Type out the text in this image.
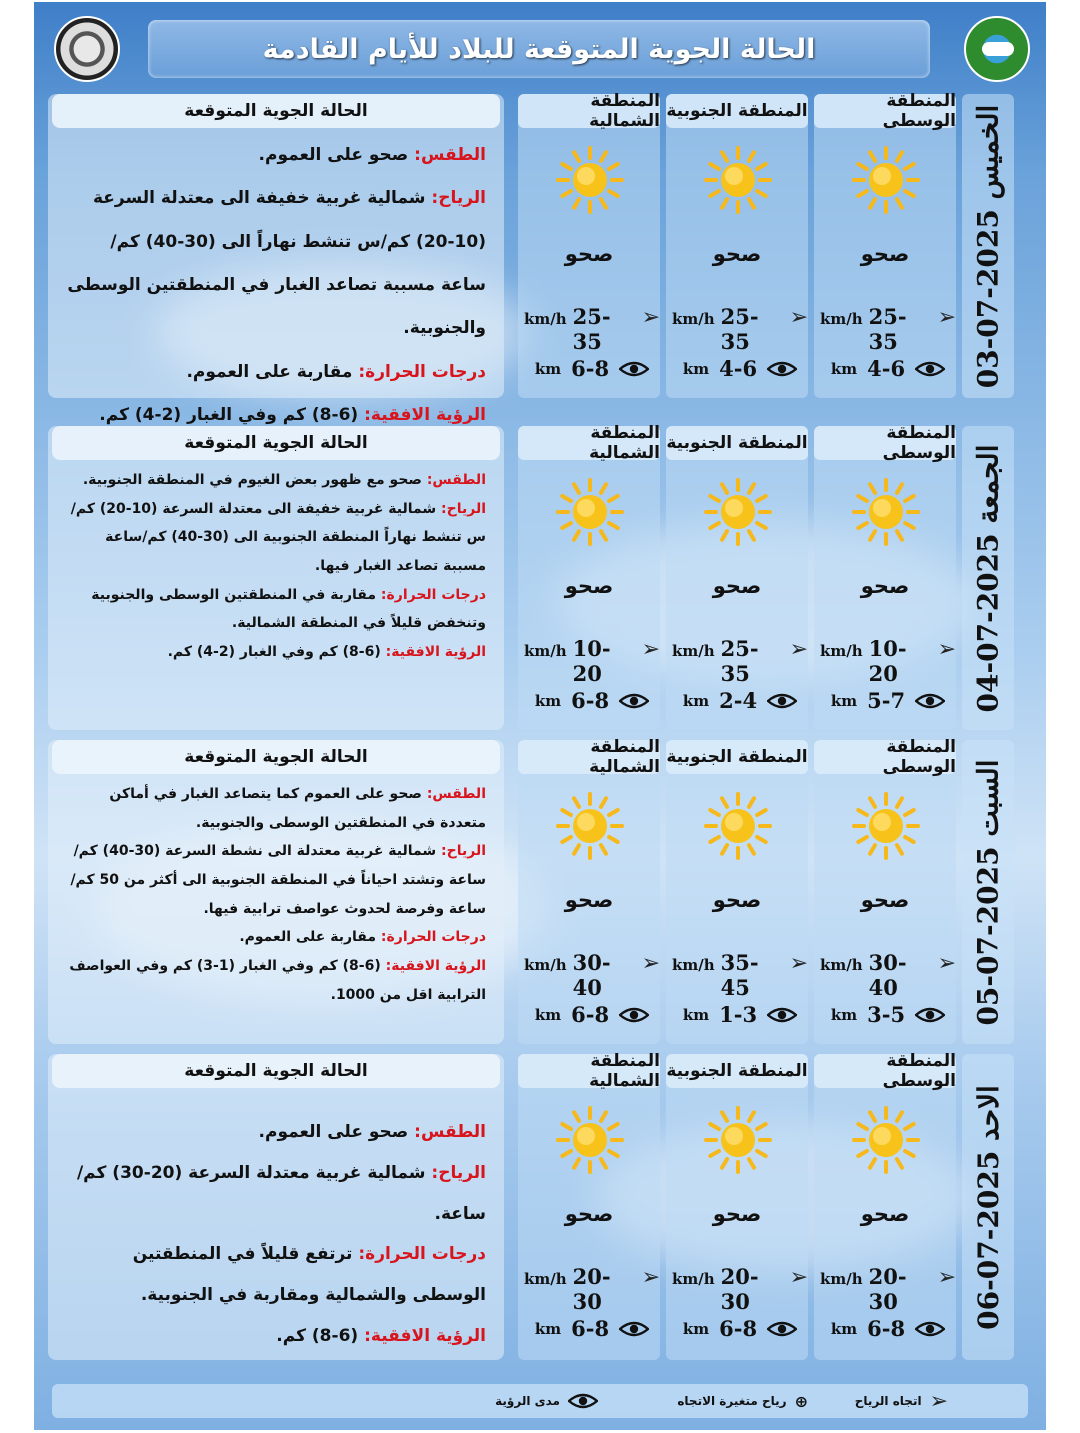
الحالة الجوية المتوقعة للبلاد للأيام القادمة
الخميس 2025-07-03
المنطقة الوسطى
صحو
km/h 25-35
➢
km 4-6
المنطقة الجنوبية
صحو
km/h 25-35
➢
km 4-6
المنطقة الشمالية
صحو
km/h 25-35
➢
km 6-8
الحالة الجوية المتوقعة

الطقس: صحو على العموم.

الرياح: شمالية غربية خفيفة الى معتدلة السرعة (10-20) كم/س تنشط نهاراً الى (30-40) كم/ساعة مسببة تصاعد الغبار في المنطقتين الوسطى والجنوبية.

درجات الحرارة: مقاربة على العموم.

الرؤية الافقية: (6-8) كم وفي الغبار (2-4) كم.

الجمعة 2025-07-04
المنطقة الوسطى
صحو
km/h 10-20
➢
km 5-7
المنطقة الجنوبية
صحو
km/h 25-35
➢
km 2-4
المنطقة الشمالية
صحو
km/h 10-20
➢
km 6-8
الحالة الجوية المتوقعة

الطقس: صحو مع ظهور بعض الغيوم في المنطقة الجنوبية.

الرياح: شمالية غربية خفيفة الى معتدلة السرعة (10-20) كم/س تنشط نهاراً المنطقة الجنوبية الى (30-40) كم/ساعة مسببة تصاعد الغبار فيها.

درجات الحرارة: مقاربة في المنطقتين الوسطى والجنوبية وتنخفض قليلاً في المنطقة الشمالية.

الرؤية الافقية: (6-8) كم وفي الغبار (2-4) كم.

السبت 2025-07-05
المنطقة الوسطى
صحو
km/h 30-40
➢
km 3-5
المنطقة الجنوبية
صحو
km/h 35-45
➢
km 1-3
المنطقة الشمالية
صحو
km/h 30-40
➢
km 6-8
الحالة الجوية المتوقعة

الطقس: صحو على العموم كما يتصاعد الغبار في أماكن متعددة في المنطقتين الوسطى والجنوبية.

الرياح: شمالية غربية معتدلة الى نشطة السرعة (30-40) كم/ساعة وتشتد احياناً في المنطقة الجنوبية الى أكثر من 50 كم/ساعة وفرصة لحدوث عواصف ترابية فيها.

درجات الحرارة: مقاربة على العموم.

الرؤية الافقية: (6-8) كم وفي الغبار (1-3) كم وفي العواصف الترابية اقل من 1000.

الاحد 2025-07-06
المنطقة الوسطى
صحو
km/h 20-30
➢
km 6-8
المنطقة الجنوبية
صحو
km/h 20-30
➢
km 6-8
المنطقة الشمالية
صحو
km/h 20-30
➢
km 6-8
الحالة الجوية المتوقعة

الطقس: صحو على العموم.

الرياح: شمالية غربية معتدلة السرعة (20-30) كم/ساعة.

درجات الحرارة: ترتفع قليلاً في المنطقتين الوسطى والشمالية ومقاربة في الجنوبية.

الرؤية الافقية: (6-8) كم.

➢
اتجاه الرياح
⊕
رياح متغيرة الاتجاه
مدى الرؤية
